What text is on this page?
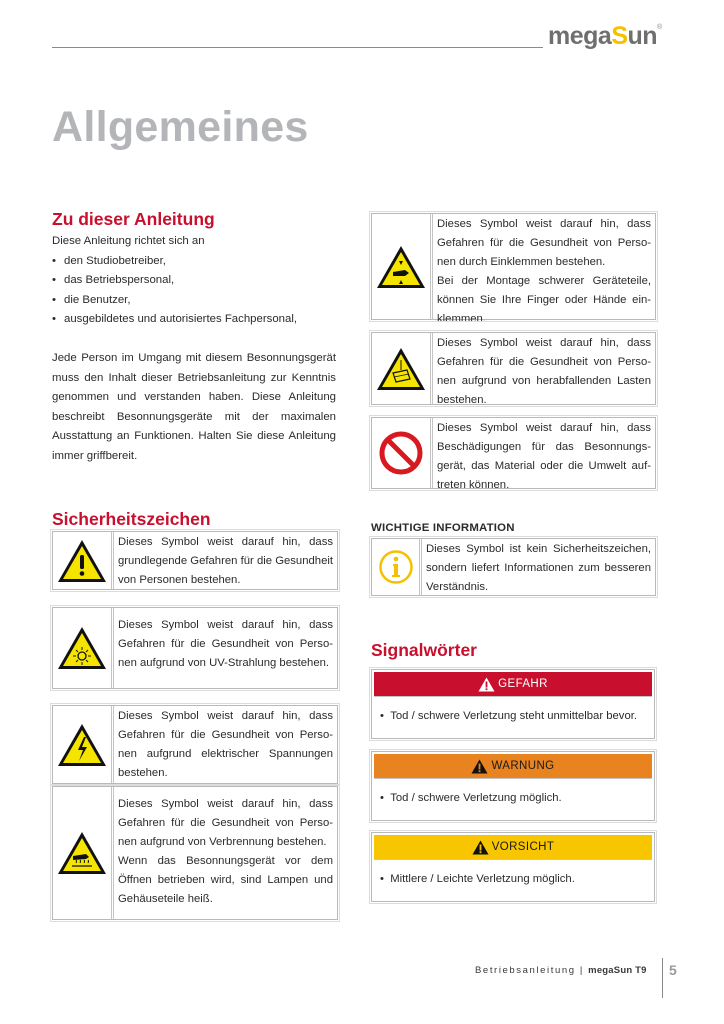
megaSun®
Allgemeines
Zu dieser Anleitung
Diese Anleitung richtet sich an
• den Studiobetreiber,
• das Betriebspersonal,
• die Benutzer,
• ausgebildetes und autorisiertes Fachpersonal,
Jede Person im Umgang mit diesem Besonnungsgerät muss den Inhalt dieser Betriebsanleitung zur Kenntnis genommen und verstanden haben. Diese Anleitung beschreibt Besonnungsgeräte mit der maximalen Ausstattung an Funktionen. Halten Sie diese Anleitung immer griffbereit.
Sicherheitszeichen
Dieses Symbol weist darauf hin, dass grundlegende Gefahren für die Gesundheit von Personen bestehen.
Dieses Symbol weist darauf hin, dass Gefahren für die Gesundheit von Personen aufgrund von UV-Strahlung bestehen.
Dieses Symbol weist darauf hin, dass Gefahren für die Gesundheit von Personen aufgrund elektrischer Spannungen bestehen.
Dieses Symbol weist darauf hin, dass Gefahren für die Gesundheit von Personen aufgrund von Verbrennung bestehen.
Wenn das Besonnungsgerät vor dem Öffnen betrieben wird, sind Lampen und Gehäuseteile heiß.
Dieses Symbol weist darauf hin, dass Gefahren für die Gesundheit von Personen durch Einklemmen bestehen.
Bei der Montage schwerer Geräteteile, können Sie Ihre Finger oder Hände einklemmen.
Dieses Symbol weist darauf hin, dass Gefahren für die Gesundheit von Personen aufgrund von herabfallenden Lasten bestehen.
Dieses Symbol weist darauf hin, dass Beschädigungen für das Besonnungsgerät, das Material oder die Umwelt auftreten können.
WICHTIGE INFORMATION
Dieses Symbol ist kein Sicherheitszeichen, sondern liefert Informationen zum besseren Verständnis.
Signalwörter
GEFAHR
• Tod / schwere Verletzung steht unmittelbar bevor.
WARNUNG
• Tod / schwere Verletzung möglich.
VORSICHT
• Mittlere / Leichte Verletzung möglich.
Betriebsanleitung | megaSun T9 5
